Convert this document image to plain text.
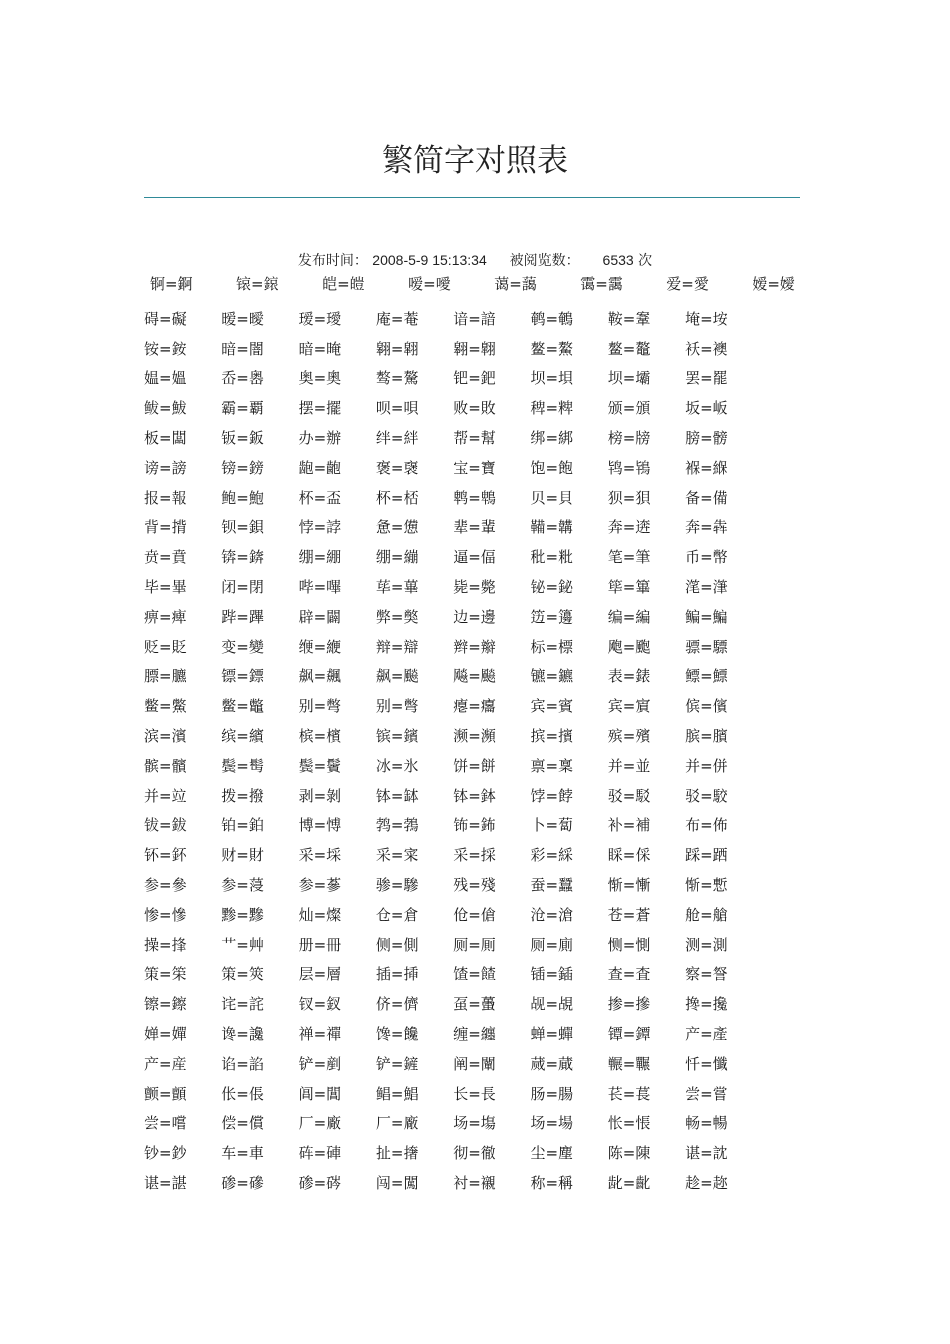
繁简字对照表
发布时间： 2008-5-9 15:13:34 被阅览数： 6533 次
锕=錒	锿=鎄	皑=皚	嗳=噯	蔼=藹	霭=靄	爱=愛	嫒=嬡
碍=礙	暧=曖	瑷=璦	庵=菴	谙=諳	鹌=鵪	鞍=鞌	埯=垵
铵=銨	暗=闇	暗=晻	翱=翶	翱=翺	鳌=鰲	鳌=鼇	袄=襖
媪=媼	岙=嶴	奥=奧	骜=驁	钯=鈀	坝=垻	坝=壩	罢=罷
鲅=鮁	霸=覇	摆=擺	呗=唄	败=敗	稗=粺	颁=頒	坂=岅
板=闆	钣=鈑	办=辦	绊=絆	帮=幫	绑=綁	榜=牓	膀=髈
谤=謗	镑=鎊	龅=齙	褒=襃	宝=寶	饱=飽	鸨=鴇	褓=緥
报=報	鲍=鮑	杯=盃	杯=桮	鹎=鵯	贝=貝	狈=狽	备=備
背=揹	钡=鋇	悖=誖	惫=憊	辈=輩	鞴=韝	奔=逩	奔=犇
贲=賁	锛=錛	绷=綳	绷=繃	逼=偪	秕=粃	笔=筆	币=幣
毕=畢	闭=閉	哔=嗶	荜=蓽	毙=斃	铋=鉍	筚=篳	滗=潷
痹=痺	跸=蹕	辟=闢	弊=獘	边=邊	笾=籩	编=編	鳊=鯿
贬=貶	变=變	缏=緶	辩=辯	辫=辮	标=標	飑=颮	骠=驃
膘=臕	镖=鏢	飙=飆	飙=飈	飚=飈	镳=鑣	表=錶	鳔=鰾
鳖=鱉	鳖=鼈	别=彆	别=彆	瘪=癟	宾=賓	宾=賔	傧=儐
滨=濱	缤=繽	槟=檳	镔=鑌	濒=瀕	摈=擯	殡=殯	膑=臏
髌=髕	鬓=髩	鬓=鬢	冰=氷	饼=餅	禀=稟	并=並	并=併
并=竝	拨=撥	剥=剝	钵=缽	钵=鉢	饽=餑	驳=駁	驳=駮
钹=鈸	铂=鉑	博=愽	鹁=鵓	钸=鈽	卜=蔔	补=補	布=佈
钚=鈈	财=財	采=埰	采=寀	采=採	彩=綵	睬=倸	踩=跴
参=參	参=蓡	参=蔘	骖=驂	残=殘	蚕=蠶	惭=慚	惭=慙
惨=慘	黪=黲	灿=燦	仓=倉	伧=傖	沧=滄	苍=蒼	舱=艙
操=捀	艹=艸	册=冊	侧=側	厕=厠	厕=廁	恻=惻	测=測
策=筞	策=筴	层=層	插=揷	馇=餷	锸=鍤	查=査	察=詧
镲=鑔	诧=詫	钗=釵	侪=儕	虿=蠆	觇=覘	掺=摻	搀=攙
婵=嬋	谗=讒	禅=禪	馋=饞	缠=纏	蝉=蟬	镡=鐔	产=產
产=産	谄=諂	铲=剷	铲=鏟	阐=闡	蒇=蕆	冁=囅	忏=懺
颤=顫	伥=倀	阊=閶	鲳=鯧	长=長	肠=腸	苌=萇	尝=嘗
尝=嚐	偿=償	厂=廠	厂=廠	场=塲	场=場	怅=悵	畅=暢
钞=鈔	车=車	砗=硨	扯=撦	彻=徹	尘=塵	陈=陳	谌=訦
谌=諶	碜=磣	碜=硶	闯=闖	衬=襯	称=稱	龀=齔	趁=趂
